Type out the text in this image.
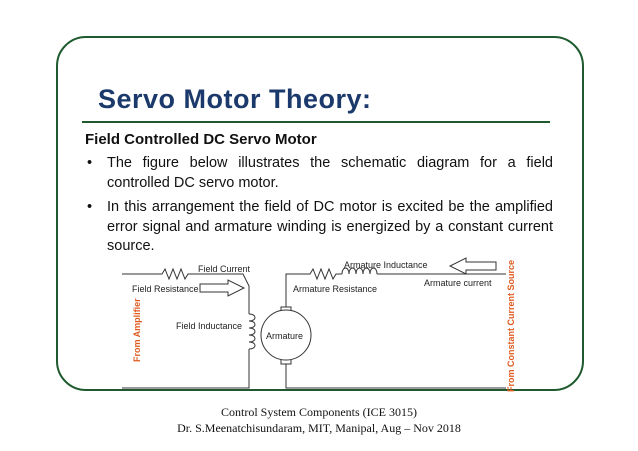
Servo Motor Theory:
Field Controlled DC Servo Motor
• The figure below illustrates the schematic diagram for a field controlled DC servo motor.
• In this arrangement the field of DC motor is excited be the amplified error signal and armature winding is energized by a constant current source.
Field Current
Field Resistance
Field Inductance
From Amplifier	Armature
Armature Inductance
Armature Resistance
Armature current From Constant Current Source
Control System Components (ICE 3015)
Dr. S.Meenatchisundaram, MIT, Manipal, Aug – Nov 2018
